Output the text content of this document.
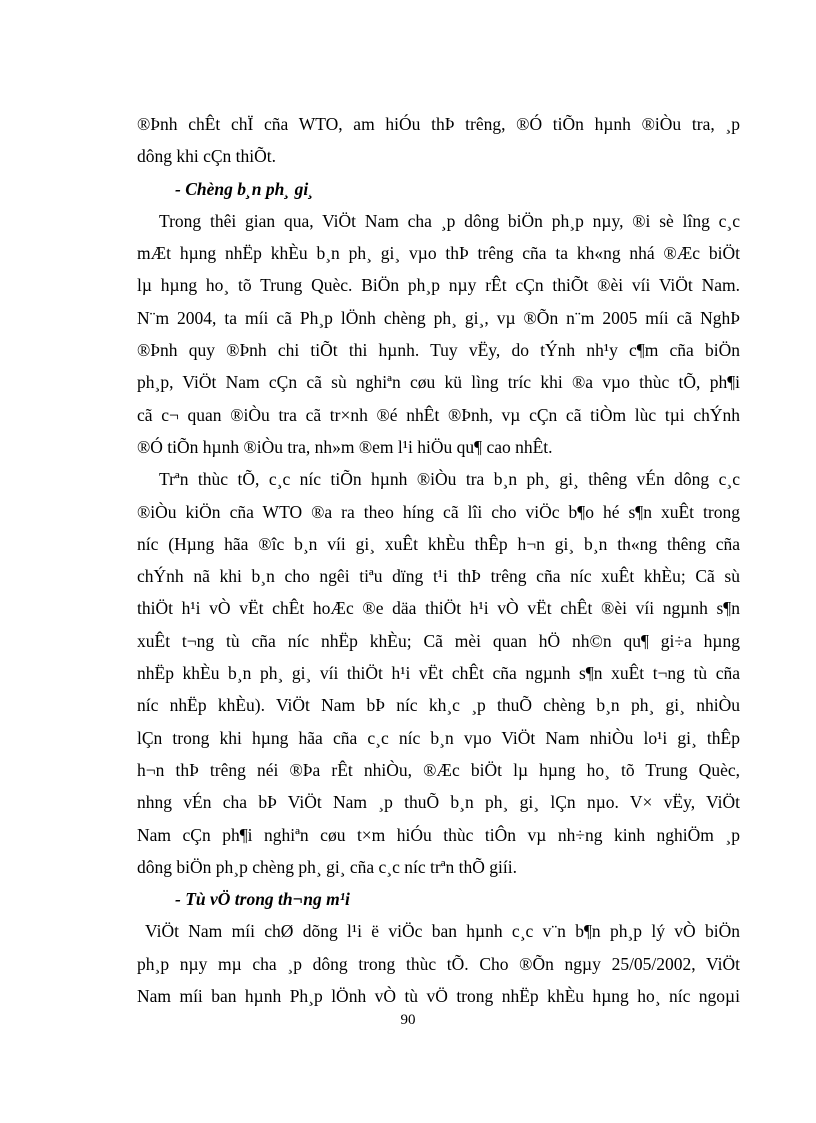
®Þnh chÊt chÏ cña WTO, am hiÓu thÞ trêng, ®Ó tiÕn hµnh ®iÒu tra, ¸p
dông khi cÇn thiÕt.
- Chèng b¸n ph¸ gi¸
Trong thêi gian qua, ViÖt Nam cha ¸p dông biÖn ph¸p nµy, ®i sè lîng c¸c
mÆt hµng nhËp khÈu b¸n ph¸ gi¸ vµo thÞ trêng cña ta kh«ng nhá ®Æc biÖt
lµ hµng ho¸ tõ Trung Quèc. BiÖn ph¸p nµy rÊt cÇn thiÕt ®èi víi ViÖt Nam.
N¨m 2004, ta míi cã Ph¸p lÖnh chèng ph¸ gi¸, vµ ®Õn n¨m 2005 míi cã NghÞ
®Þnh quy ®Þnh chi tiÕt thi hµnh. Tuy vËy, do tÝnh nh¹y c¶m cña biÖn
ph¸p, ViÖt Nam cÇn cã sù nghiªn cøu kü lìng tríc khi ®a vµo thùc tÕ, ph¶i
cã c¬ quan ®iÒu tra cã tr×nh ®é nhÊt ®Þnh, vµ cÇn cã tiÒm lùc tµi chÝnh
®Ó tiÕn hµnh ®iÒu tra, nh»m ®em l¹i hiÖu qu¶ cao nhÊt.
Trªn thùc tÕ, c¸c níc tiÕn hµnh ®iÒu tra b¸n ph¸ gi¸ thêng vÉn dông c¸c
®iÒu kiÖn cña WTO ®a ra theo híng cã lîi cho viÖc b¶o hé s¶n xuÊt trong
níc (Hµng hãa ®îc b¸n víi gi¸ xuÊt khÈu thÊp h¬n gi¸ b¸n th«ng thêng cña
chÝnh nã khi b¸n cho ngêi tiªu dïng t¹i thÞ trêng cña níc xuÊt khÈu; Cã sù
thiÖt h¹i vÒ vËt chÊt hoÆc ®e däa thiÖt h¹i vÒ vËt chÊt ®èi víi ngµnh s¶n
xuÊt t¬ng tù cña níc nhËp khÈu; Cã mèi quan hÖ nh©n qu¶ gi÷a hµng
nhËp khÈu b¸n ph¸ gi¸ víi thiÖt h¹i vËt chÊt cña ngµnh s¶n xuÊt t¬ng tù cña
níc nhËp khÈu). ViÖt Nam bÞ níc kh¸c ¸p thuÕ chèng b¸n ph¸ gi¸ nhiÒu
lÇn trong khi hµng hãa cña c¸c níc b¸n vµo ViÖt Nam nhiÒu lo¹i gi¸ thÊp
h¬n thÞ trêng néi ®Þa rÊt nhiÒu, ®Æc biÖt lµ hµng ho¸ tõ Trung Quèc,
nhng vÉn cha bÞ ViÖt Nam ¸p thuÕ b¸n ph¸ gi¸ lÇn nµo. V× vËy, ViÖt
Nam cÇn ph¶i nghiªn cøu t×m hiÓu thùc tiÔn vµ nh÷ng kinh nghiÖm ¸p
dông biÖn ph¸p chèng ph¸ gi¸ cña c¸c níc trªn thÕ giíi.
- Tù vÖ trong th¬ng m¹i
ViÖt Nam míi chØ dõng l¹i ë viÖc ban hµnh c¸c v¨n b¶n ph¸p lý vÒ biÖn
ph¸p nµy mµ cha ¸p dông trong thùc tÕ. Cho ®Õn ngµy 25/05/2002, ViÖt
Nam míi ban hµnh Ph¸p lÖnh vÒ tù vÖ trong nhËp khÈu hµng ho¸ níc ngoµi
90
